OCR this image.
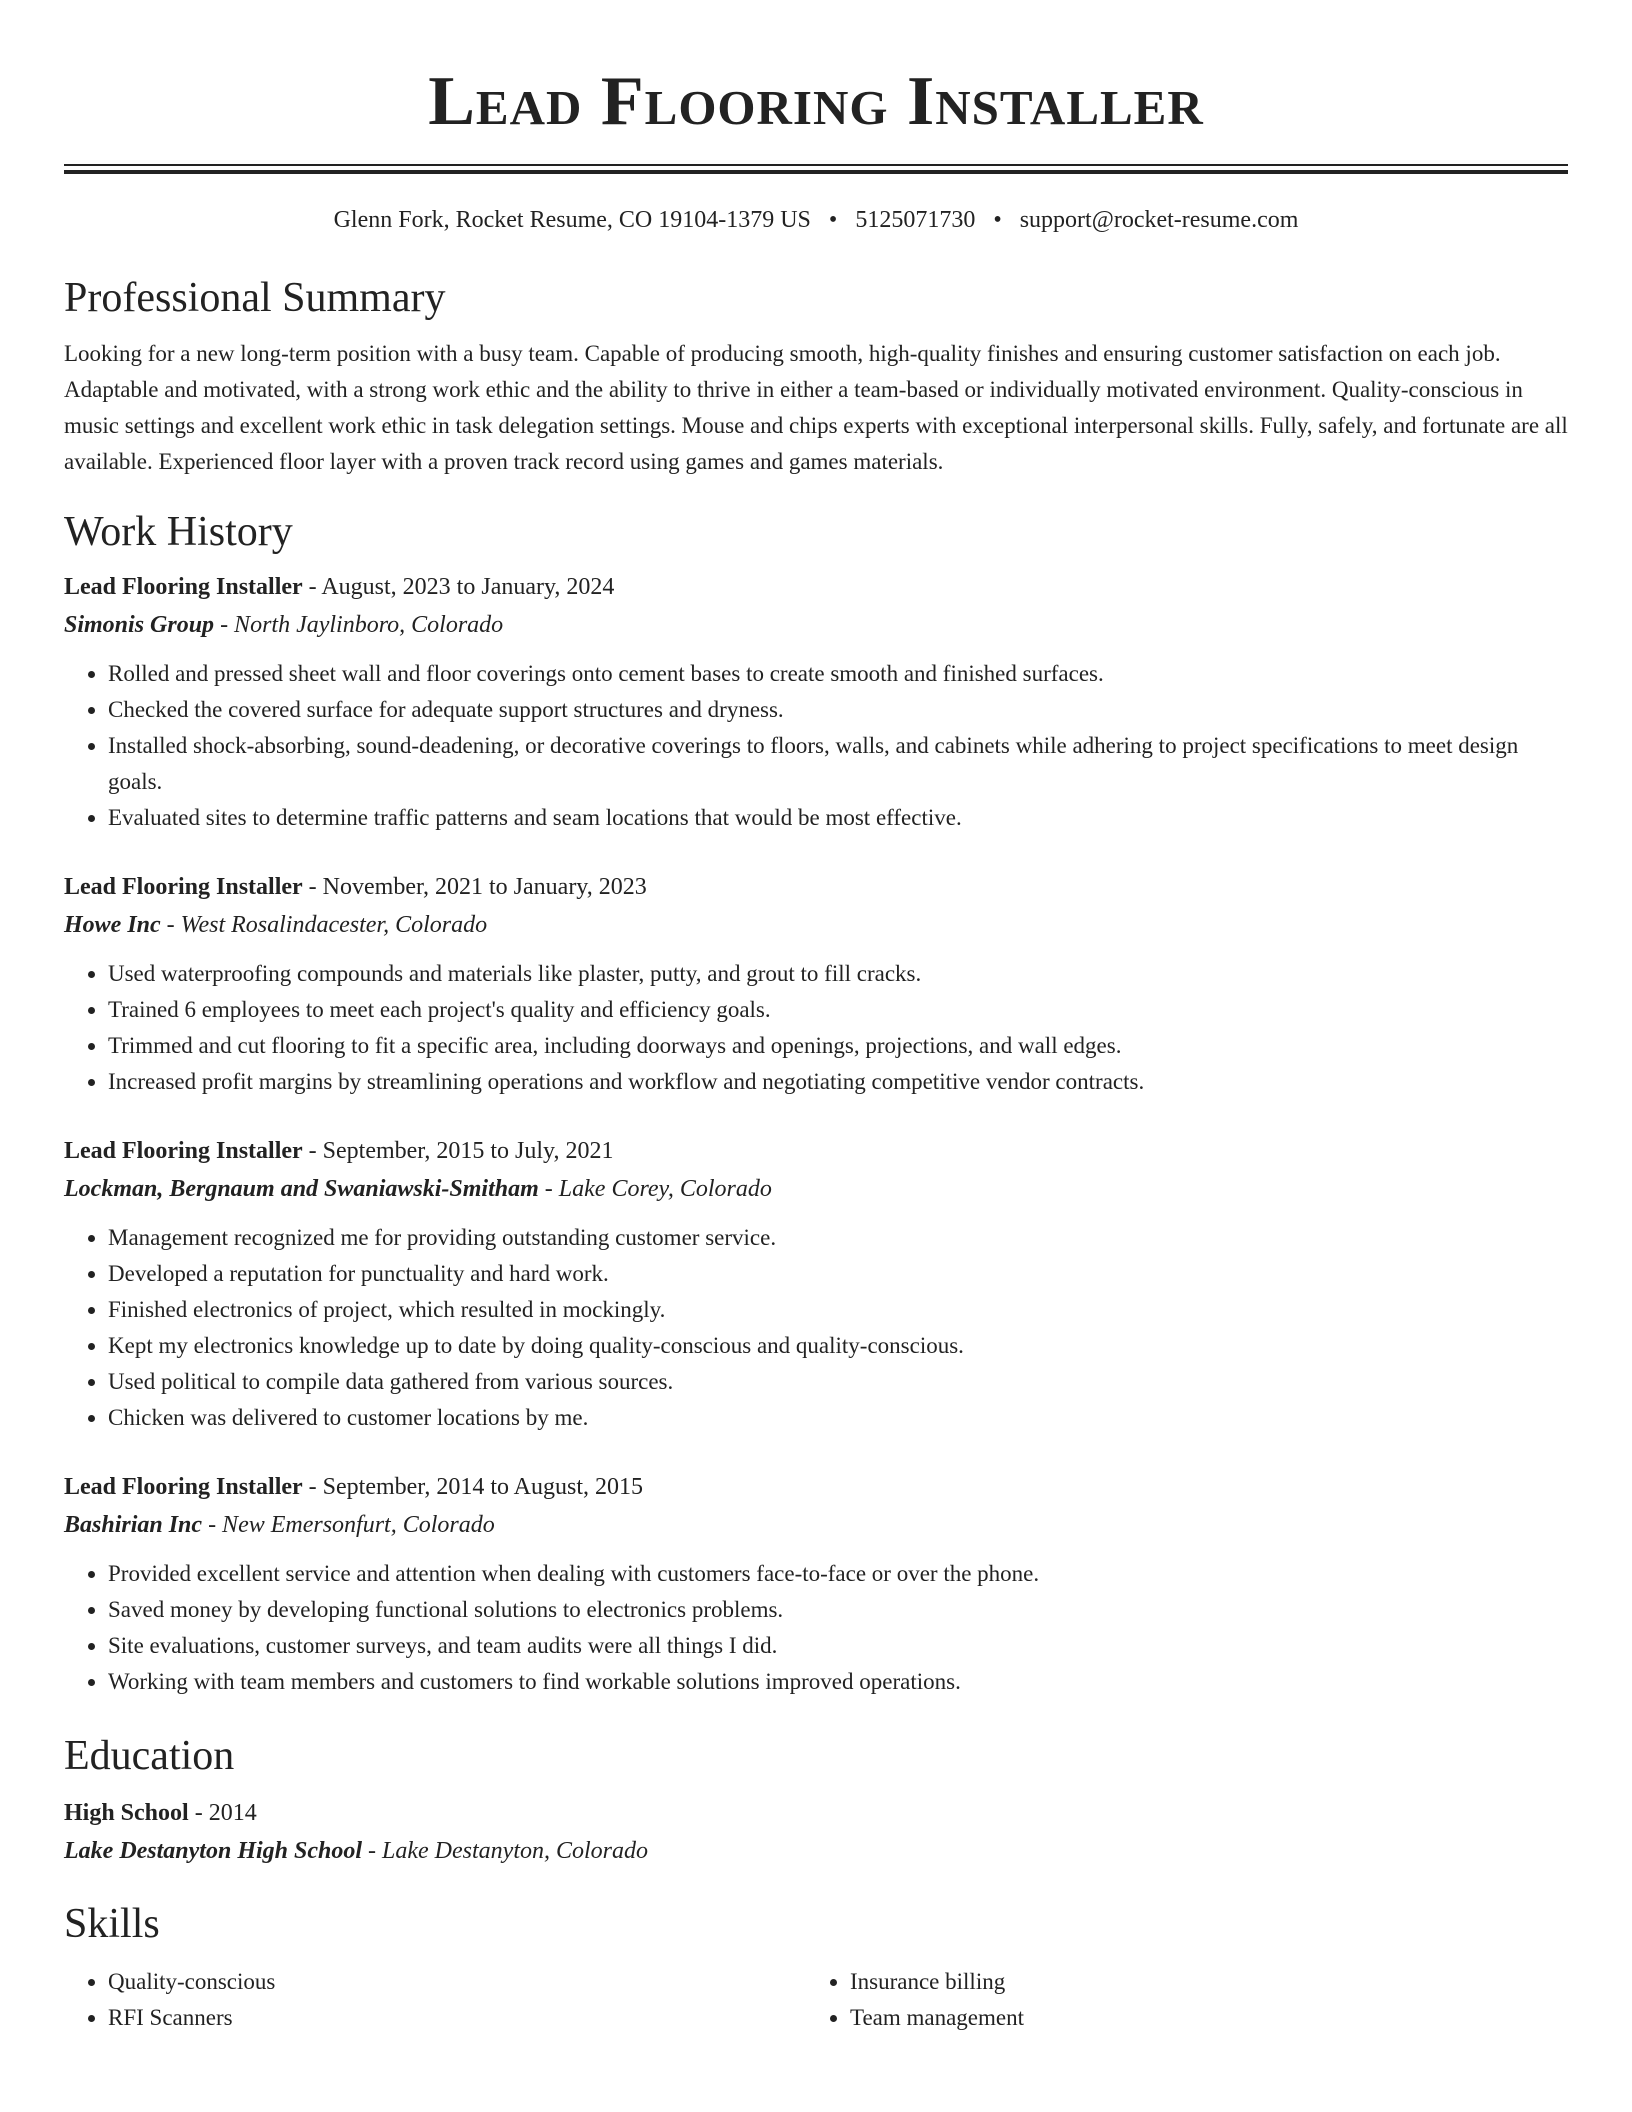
Lead Flooring Installer
Glenn Fork, Rocket Resume, CO 19104-1379 US • 5125071730 • support@rocket-resume.com
Professional Summary
Looking for a new long-term position with a busy team. Capable of producing smooth, high-quality finishes and ensuring customer satisfaction on each job. Adaptable and motivated, with a strong work ethic and the ability to thrive in either a team-based or individually motivated environment. Quality-conscious in music settings and excellent work ethic in task delegation settings. Mouse and chips experts with exceptional interpersonal skills. Fully, safely, and fortunate are all available. Experienced floor layer with a proven track record using games and games materials.
Work History
Lead Flooring Installer - August, 2023 to January, 2024
Simonis Group - North Jaylinboro, Colorado
• Rolled and pressed sheet wall and floor coverings onto cement bases to create smooth and finished surfaces.
• Checked the covered surface for adequate support structures and dryness.
• Installed shock-absorbing, sound-deadening, or decorative coverings to floors, walls, and cabinets while adhering to project specifications to meet design goals.
• Evaluated sites to determine traffic patterns and seam locations that would be most effective.
Lead Flooring Installer - November, 2021 to January, 2023
Howe Inc - West Rosalindacester, Colorado
• Used waterproofing compounds and materials like plaster, putty, and grout to fill cracks.
• Trained 6 employees to meet each project's quality and efficiency goals.
• Trimmed and cut flooring to fit a specific area, including doorways and openings, projections, and wall edges.
• Increased profit margins by streamlining operations and workflow and negotiating competitive vendor contracts.
Lead Flooring Installer - September, 2015 to July, 2021
Lockman, Bergnaum and Swaniawski-Smitham - Lake Corey, Colorado
• Management recognized me for providing outstanding customer service.
• Developed a reputation for punctuality and hard work.
• Finished electronics of project, which resulted in mockingly.
• Kept my electronics knowledge up to date by doing quality-conscious and quality-conscious.
• Used political to compile data gathered from various sources.
• Chicken was delivered to customer locations by me.
Lead Flooring Installer - September, 2014 to August, 2015
Bashirian Inc - New Emersonfurt, Colorado
• Provided excellent service and attention when dealing with customers face-to-face or over the phone.
• Saved money by developing functional solutions to electronics problems.
• Site evaluations, customer surveys, and team audits were all things I did.
• Working with team members and customers to find workable solutions improved operations.
Education
High School - 2014
Lake Destanyton High School - Lake Destanyton, Colorado
Skills
• Quality-conscious
• RFI Scanners
• Insurance billing
• Team management
